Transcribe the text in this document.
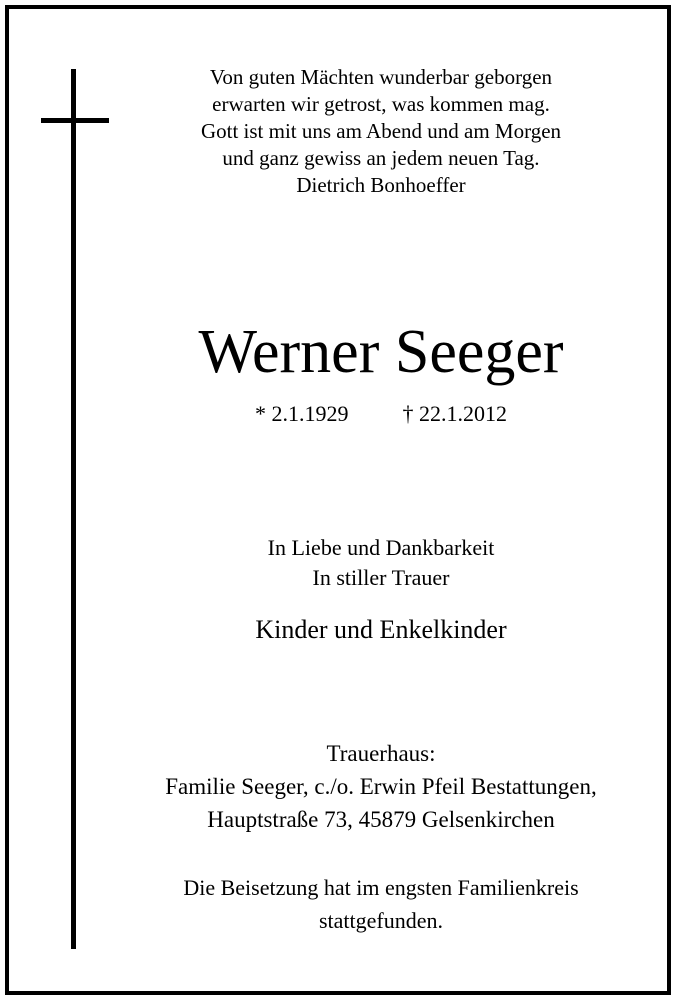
Von guten Mächten wunderbar geborgen
erwarten wir getrost, was kommen mag.
Gott ist mit uns am Abend und am Morgen
und ganz gewiss an jedem neuen Tag.
Dietrich Bonhoeffer
Werner Seeger
* 2.1.1929 † 22.1.2012
In Liebe und Dankbarkeit
In stiller Trauer
Kinder und Enkelkinder
Trauerhaus:
Familie Seeger, c./o. Erwin Pfeil Bestattungen,
Hauptstraße 73, 45879 Gelsenkirchen
Die Beisetzung hat im engsten Familienkreis
stattgefunden.
